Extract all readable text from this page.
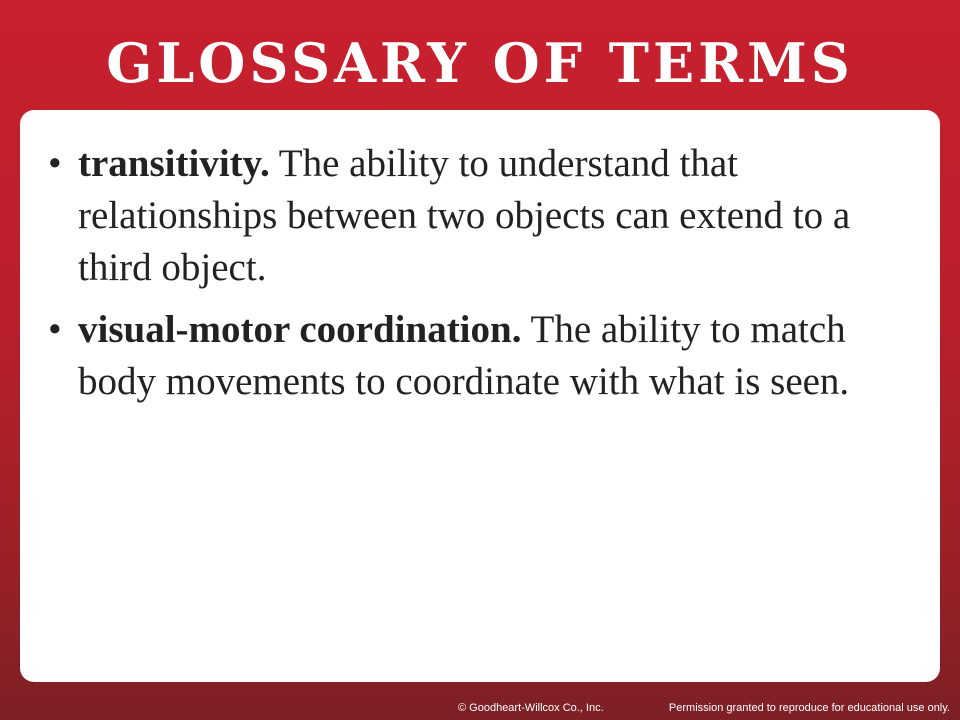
GLOSSARY OF TERMS
• transitivity. The ability to understand that relationships between two objects can extend to a third object.
• visual-motor coordination. The ability to match body movements to coordinate with what is seen.
© Goodheart-Willcox Co., Inc.	Permission granted to reproduce for educational use only.
